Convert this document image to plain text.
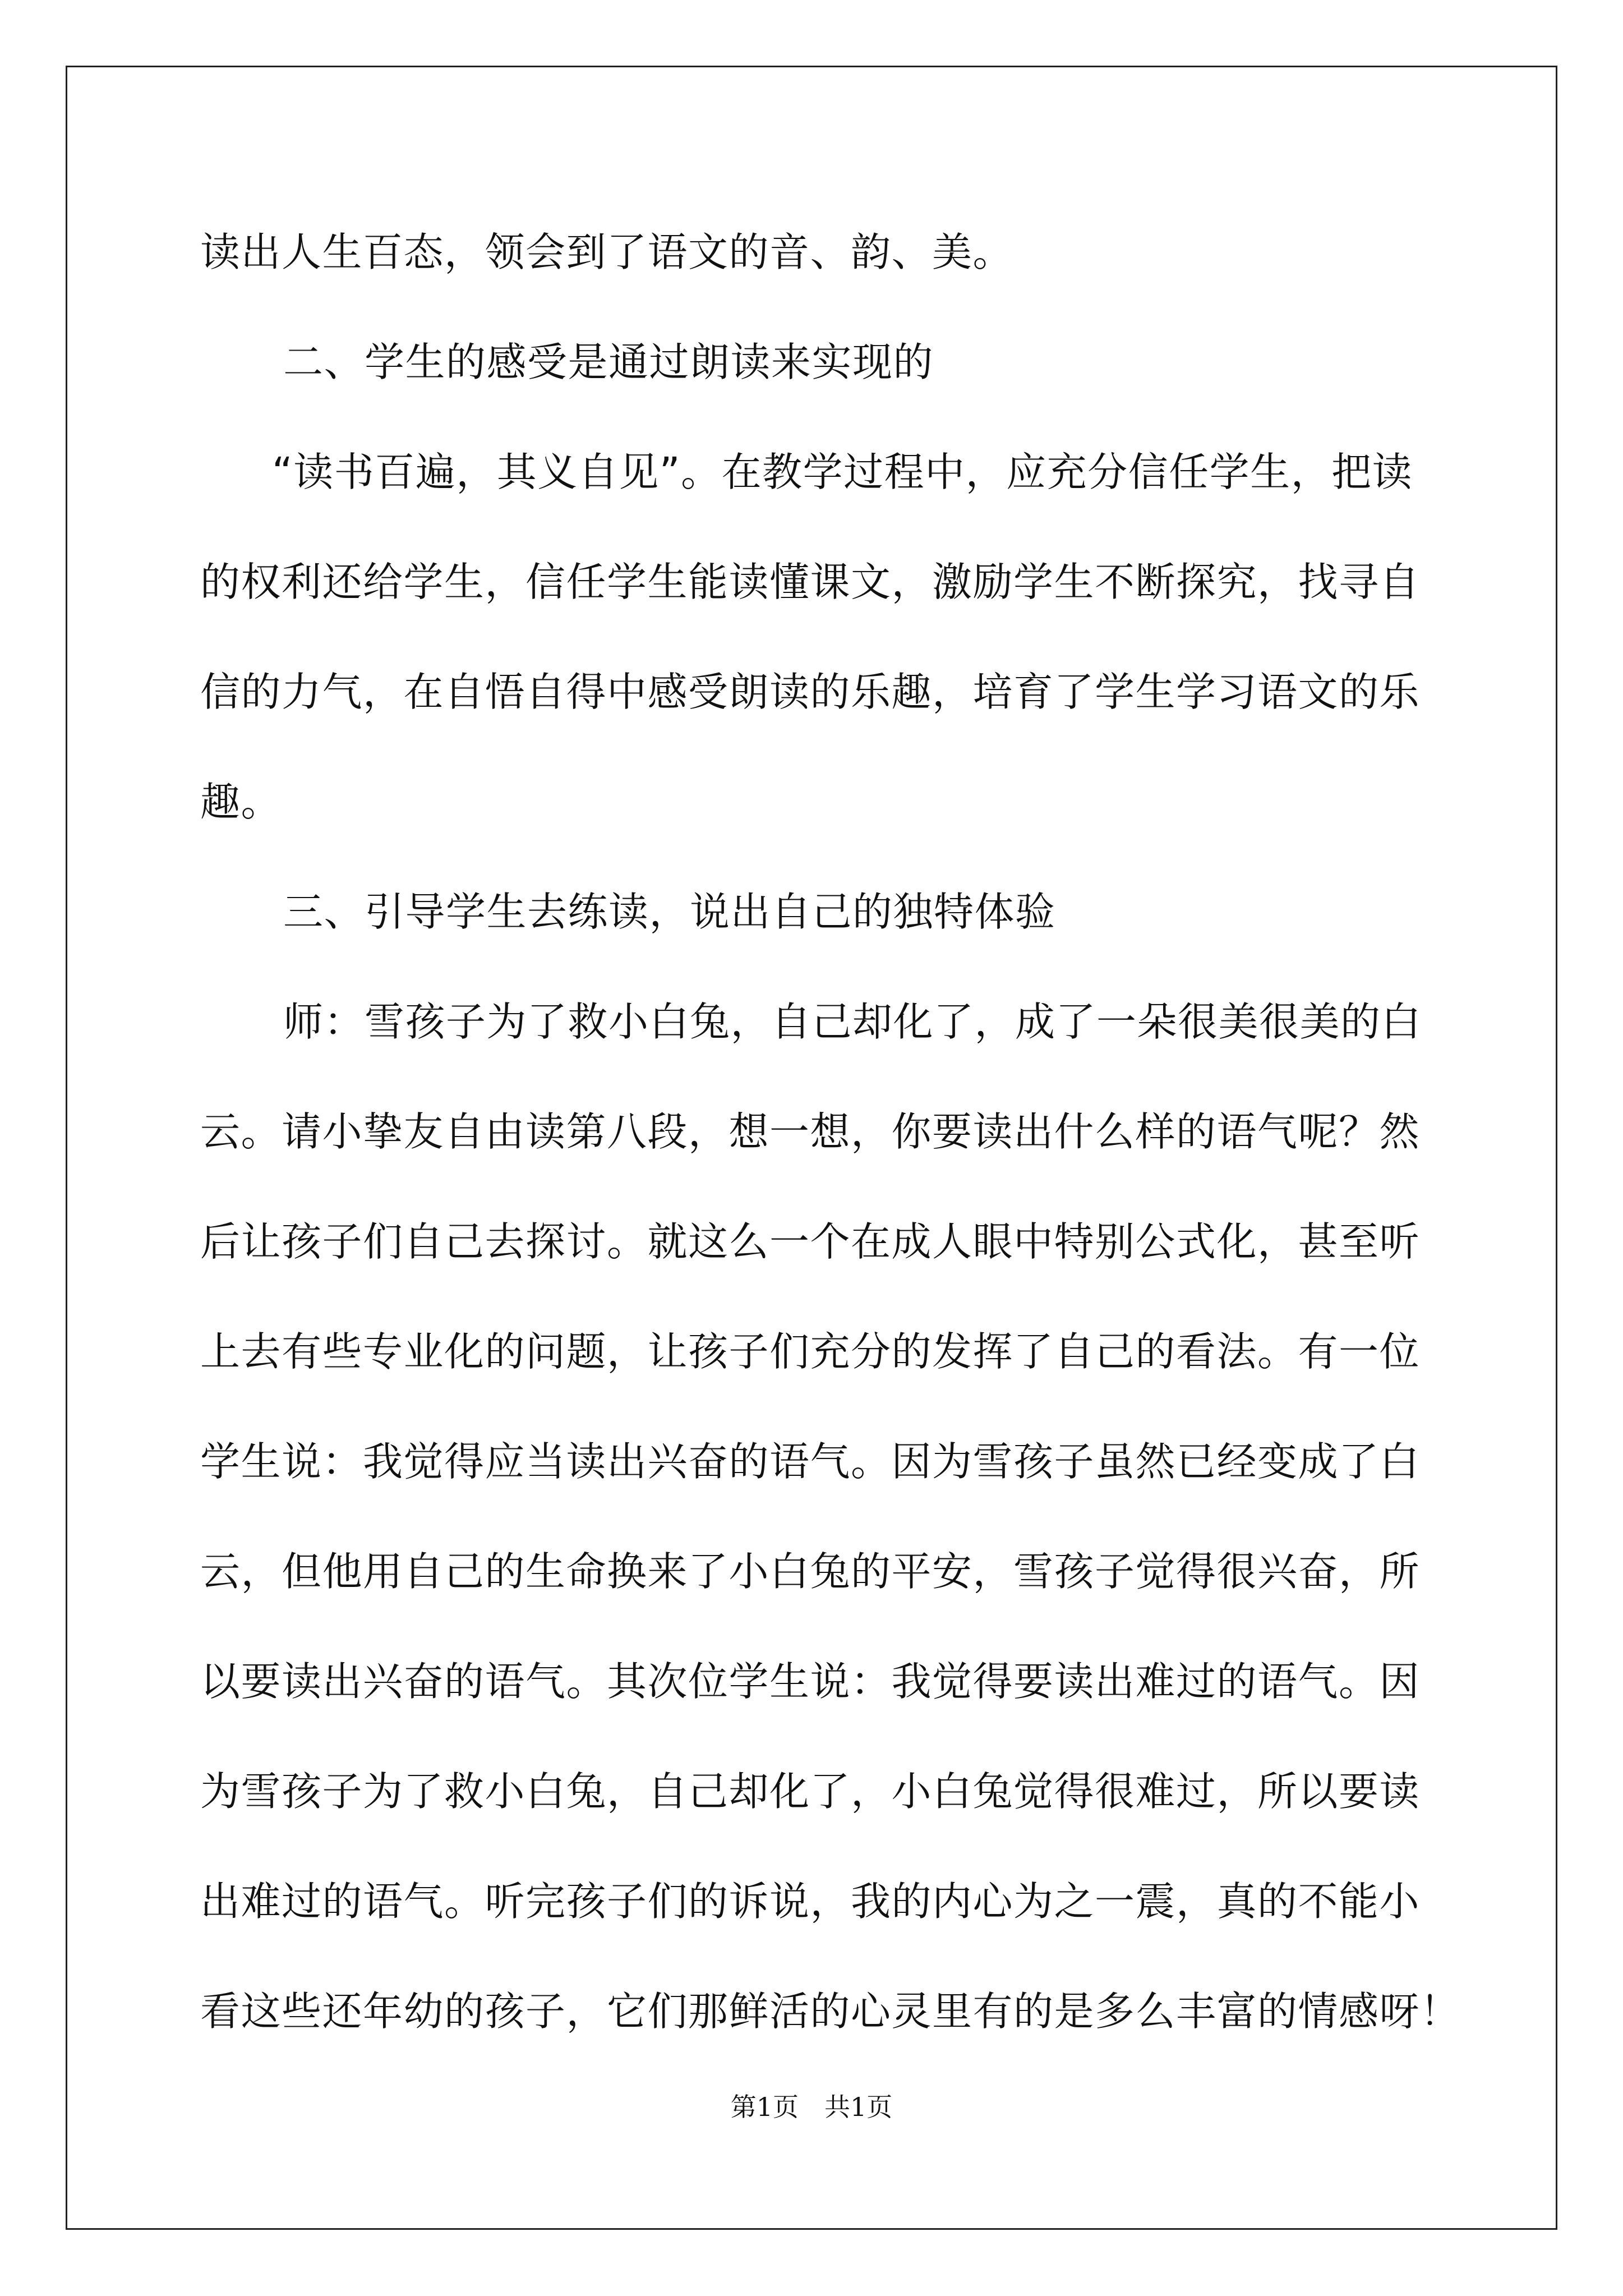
读出人生百态，领会到了语文的音、韵、美。
二、学生的感受是通过朗读来实现的
“读书百遍，其义自见”。在教学过程中，应充分信任学生，把读
的权利还给学生，信任学生能读懂课文，激励学生不断探究，找寻自
信的力气，在自悟自得中感受朗读的乐趣，培育了学生学习语文的乐
趣。
三、引导学生去练读，说出自己的独特体验
师：雪孩子为了救小白兔，自己却化了，成了一朵很美很美的白
云。请小挚友自由读第八段，想一想，你要读出什么样的语气呢？然
后让孩子们自己去探讨。就这么一个在成人眼中特别公式化，甚至听
上去有些专业化的问题，让孩子们充分的发挥了自己的看法。有一位
学生说：我觉得应当读出兴奋的语气。因为雪孩子虽然已经变成了白
云，但他用自己的生命换来了小白兔的平安，雪孩子觉得很兴奋，所
以要读出兴奋的语气。其次位学生说：我觉得要读出难过的语气。因
为雪孩子为了救小白兔，自己却化了，小白兔觉得很难过，所以要读
出难过的语气。听完孩子们的诉说，我的内心为之一震，真的不能小
看这些还年幼的孩子，它们那鲜活的心灵里有的是多么丰富的情感呀！
第1页　共1页
